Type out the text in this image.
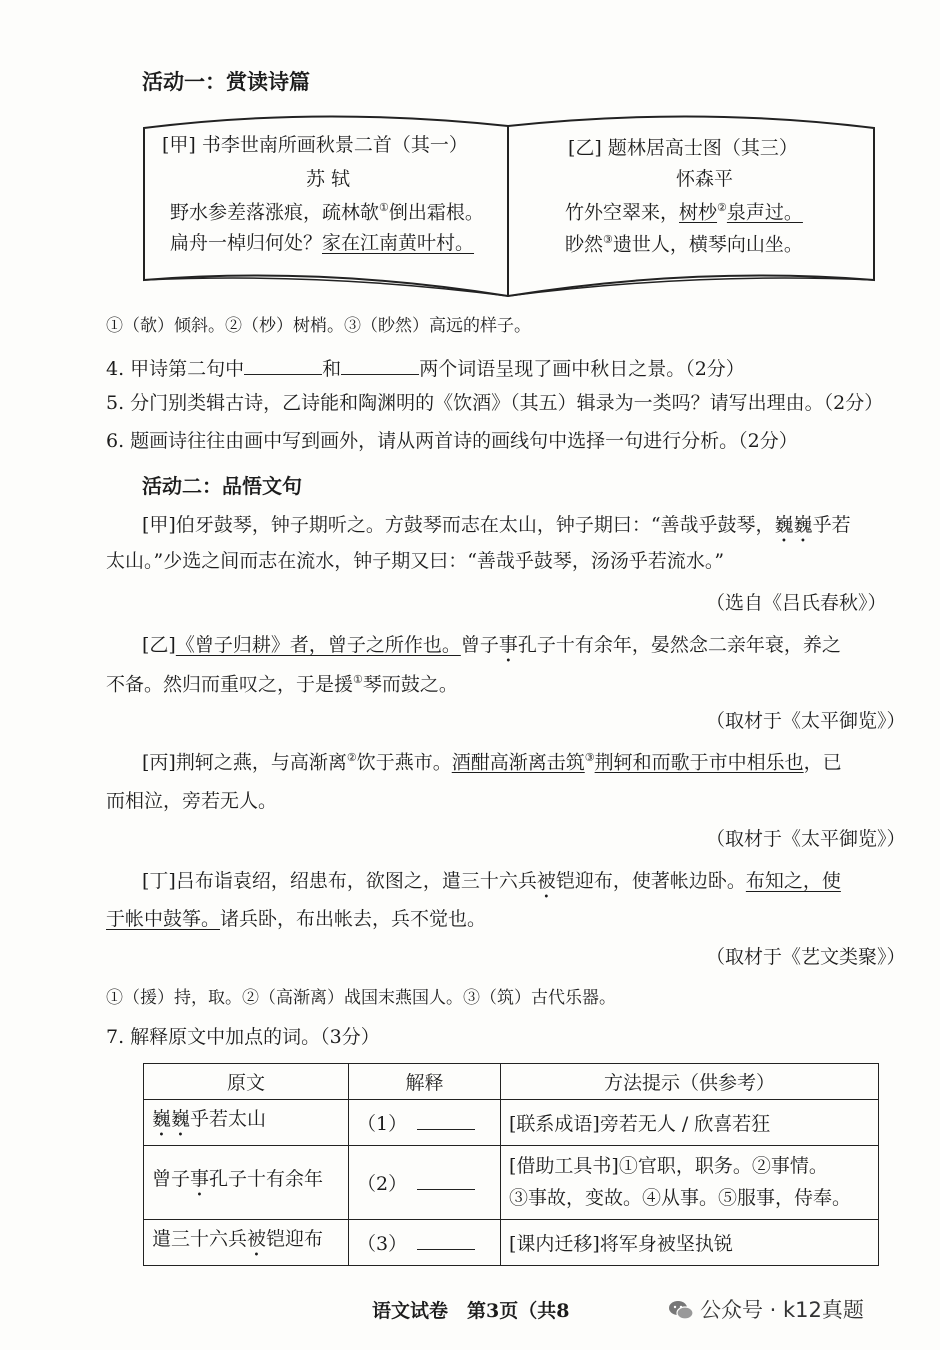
活动一：赏读诗篇
[甲] 书李世南所画秋景二首（其一）
苏 轼
野水参差落涨痕，疏林欹①倒出霜根。
扁舟一棹归何处？家在江南黄叶村。
[乙] 题林居高士图（其三）
怀森平
竹外空翠来，树杪②泉声过。
眇然③遗世人，横琴向山坐。
①（欹）倾斜。②（杪）树梢。③（眇然）高远的样子。
4. 甲诗第二句中	和	两个词语呈现了画中秋日之景。（2分）
5. 分门别类辑古诗，乙诗能和陶渊明的《饮酒》（其五）辑录为一类吗？请写出理由。（2分）
6. 题画诗往往由画中写到画外，请从两首诗的画线句中选择一句进行分析。（2分）
活动二：品悟文句
[甲]伯牙鼓琴，钟子期听之。方鼓琴而志在太山，钟子期曰：“善哉乎鼓琴，巍巍乎若
太山。”少选之间而志在流水，钟子期又曰：“善哉乎鼓琴，汤汤乎若流水。”
（选自《吕氏春秋》）
[乙]《曾子归耕》者，曾子之所作也。曾子事孔子十有余年，晏然念二亲年衰，养之
不备。然归而重叹之，于是援①琴而鼓之。
（取材于《太平御览》）
[丙]荆轲之燕，与高渐离②饮于燕市。酒酣高渐离击筑③荆轲和而歌于市中相乐也，已
而相泣，旁若无人。
（取材于《太平御览》）
[丁]吕布诣袁绍，绍患布，欲图之，遣三十六兵被铠迎布，使著帐边卧。布知之，使
于帐中鼓筝。诸兵卧，布出帐去，兵不觉也。
（取材于《艺文类聚》）
①（援）持，取。②（高渐离）战国末燕国人。③（筑）古代乐器。
7. 解释原文中加点的词。（3分）
原文	解释	方法提示（供参考）
巍巍乎若太山	（1）	[联系成语]旁若无人 / 欣喜若狂
曾子事孔子十有余年	（2）	[借助工具书]①官职，职务。②事情。
③事故，变故。④从事。⑤服事，侍奉。

遣三十六兵被铠迎布	（3）	[课内迁移]将军身被坚执锐
语文试卷　第3页（共8	公众号 · k12真题
